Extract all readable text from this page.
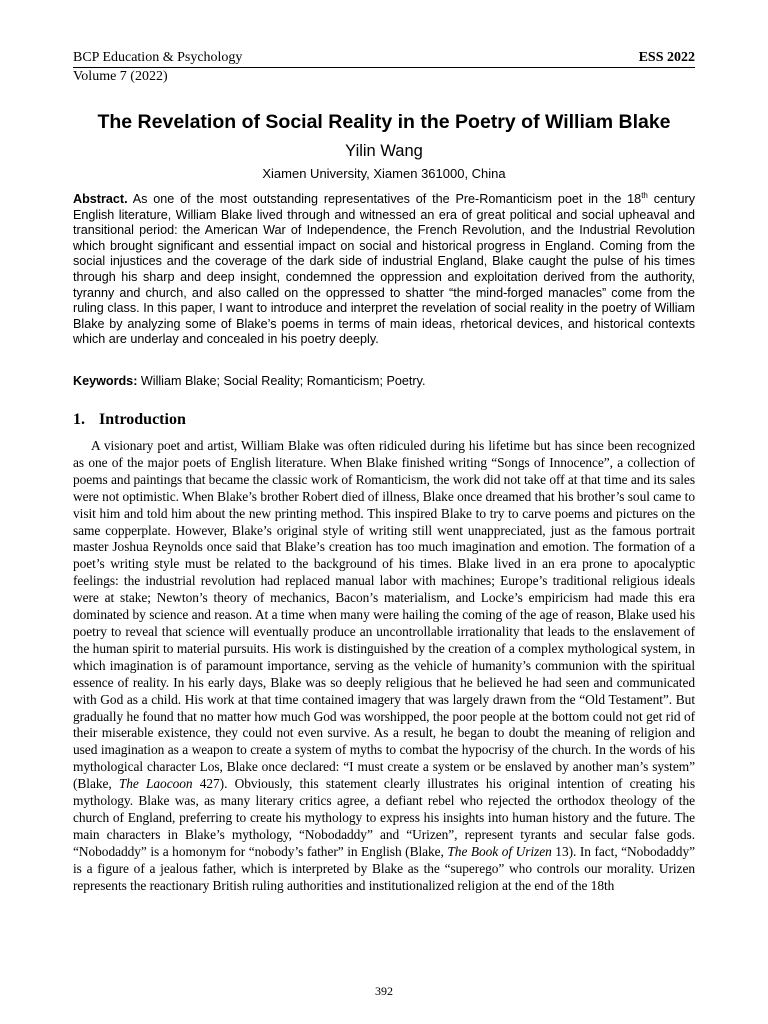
BCP Education & Psychology	ESS 2022
Volume 7 (2022)
The Revelation of Social Reality in the Poetry of William Blake
Yilin Wang
Xiamen University, Xiamen 361000, China

Abstract. As one of the most outstanding representatives of the Pre-Romanticism poet in the 18th century English literature, William Blake lived through and witnessed an era of great political and social upheaval and transitional period: the American War of Independence, the French Revolution, and the Industrial Revolution which brought significant and essential impact on social and historical progress in England. Coming from the social injustices and the coverage of the dark side of industrial England, Blake caught the pulse of his times through his sharp and deep insight, condemned the oppression and exploitation derived from the authority, tyranny and church, and also called on the oppressed to shatter “the mind-forged manacles” come from the ruling class. In this paper, I want to introduce and interpret the revelation of social reality in the poetry of William Blake by analyzing some of Blake’s poems in terms of main ideas, rhetorical devices, and historical contexts which are underlay and concealed in his poetry deeply.

Keywords: William Blake; Social Reality; Romanticism; Poetry.

1. Introduction

A visionary poet and artist, William Blake was often ridiculed during his lifetime but has since been recognized as one of the major poets of English literature. When Blake finished writing “Songs of Innocence”, a collection of poems and paintings that became the classic work of Romanticism, the work did not take off at that time and its sales were not optimistic. When Blake’s brother Robert died of illness, Blake once dreamed that his brother’s soul came to visit him and told him about the new printing method. This inspired Blake to try to carve poems and pictures on the same copperplate. However, Blake’s original style of writing still went unappreciated, just as the famous portrait master Joshua Reynolds once said that Blake’s creation has too much imagination and emotion. The formation of a poet’s writing style must be related to the background of his times. Blake lived in an era prone to apocalyptic feelings: the industrial revolution had replaced manual labor with machines; Europe’s traditional religious ideals were at stake; Newton’s theory of mechanics, Bacon’s materialism, and Locke’s empiricism had made this era dominated by science and reason. At a time when many were hailing the coming of the age of reason, Blake used his poetry to reveal that science will eventually produce an uncontrollable irrationality that leads to the enslavement of the human spirit to material pursuits. His work is distinguished by the creation of a complex mythological system, in which imagination is of paramount importance, serving as the vehicle of humanity’s communion with the spiritual essence of reality. In his early days, Blake was so deeply religious that he believed he had seen and communicated with God as a child. His work at that time contained imagery that was largely drawn from the “Old Testament”. But gradually he found that no matter how much God was worshipped, the poor people at the bottom could not get rid of their miserable existence, they could not even survive. As a result, he began to doubt the meaning of religion and used imagination as a weapon to create a system of myths to combat the hypocrisy of the church. In the words of his mythological character Los, Blake once declared: “I must create a system or be enslaved by another man’s system” (Blake, The Laocoon 427). Obviously, this statement clearly illustrates his original intention of creating his mythology. Blake was, as many literary critics agree, a defiant rebel who rejected the orthodox theology of the church of England, preferring to create his mythology to express his insights into human history and the future. The main characters in Blake’s mythology, “Nobodaddy” and “Urizen”, represent tyrants and secular false gods. “Nobodaddy” is a homonym for “nobody’s father” in English (Blake, The Book of Urizen 13). In fact, “Nobodaddy” is a figure of a jealous father, which is interpreted by Blake as the “superego” who controls our morality. Urizen represents the reactionary British ruling authorities and institutionalized religion at the end of the 18th

392
